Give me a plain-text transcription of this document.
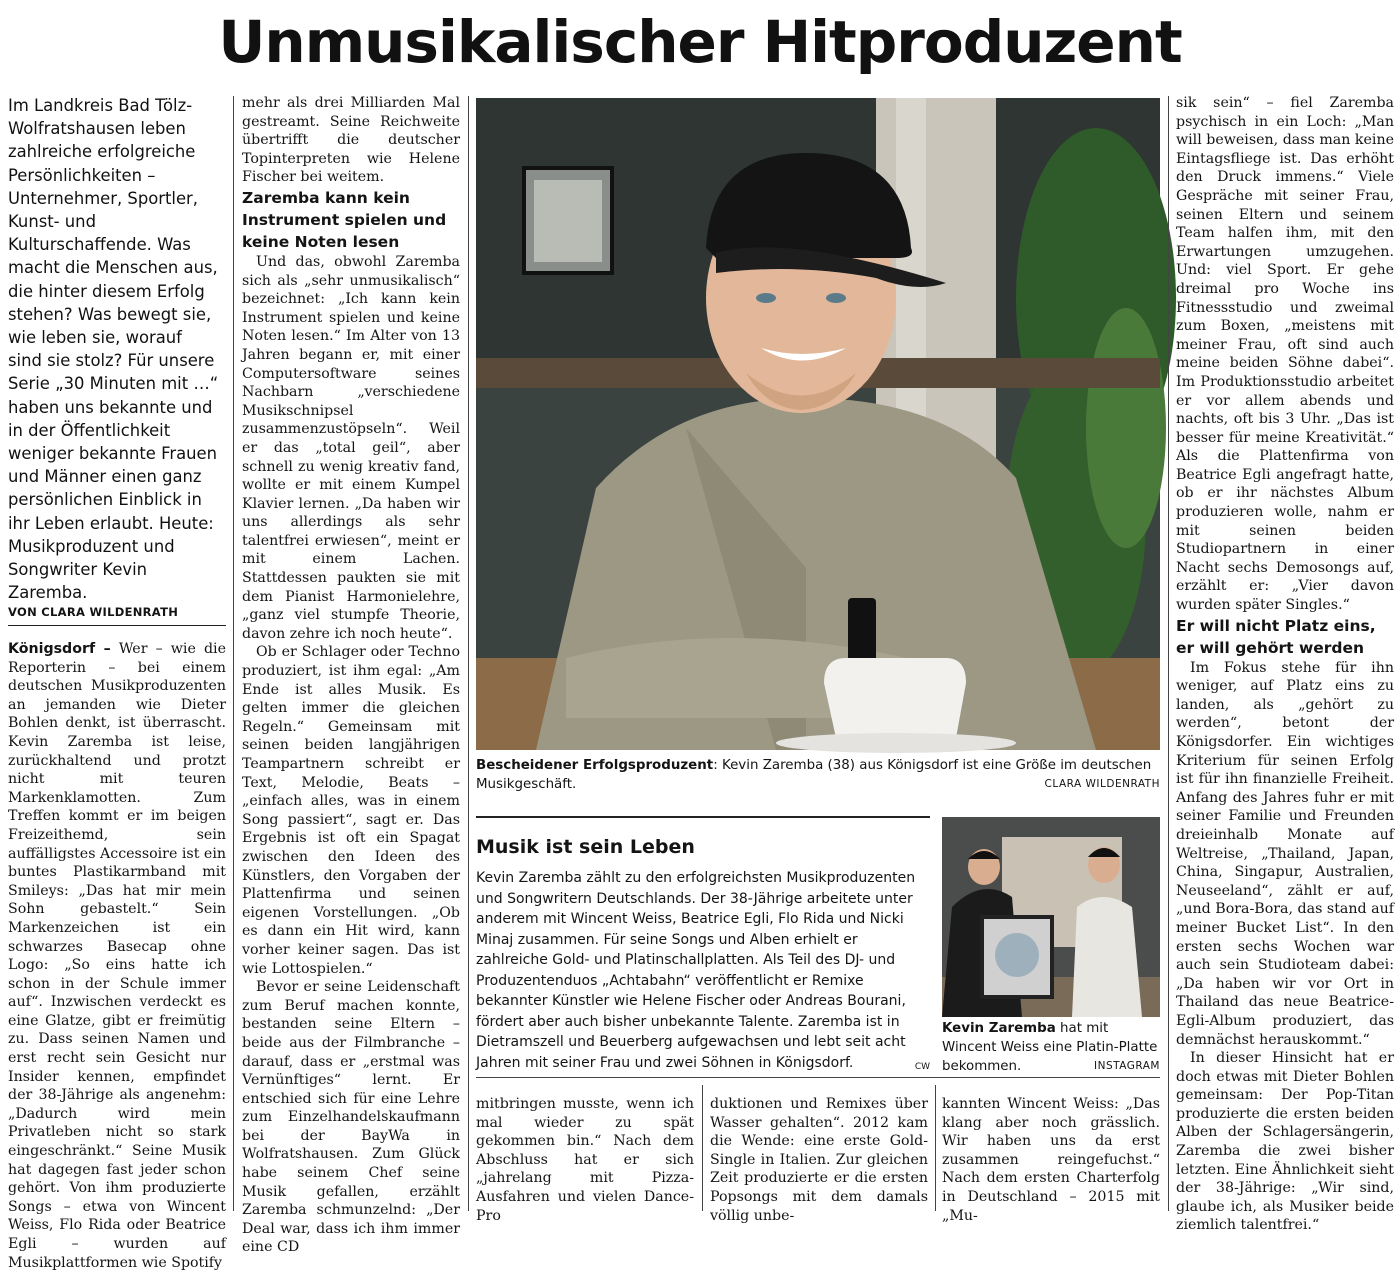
Unmusikalischer Hitproduzent
Im Landkreis Bad Tölz-Wolfratshausen leben zahlreiche erfolgreiche Persönlichkeiten – Unternehmer, Sportler, Kunst- und Kulturschaffende. Was macht die Menschen aus, die hinter diesem Erfolg stehen? Was bewegt sie, wie leben sie, worauf sind sie stolz? Für unsere Serie „30 Minuten mit …“ haben uns bekannte und in der Öffentlichkeit weniger bekannte Frauen und Männer einen ganz persönlichen Einblick in ihr Leben erlaubt. Heute: Musikproduzent und Songwriter Kevin Zaremba.
VON CLARA WILDENRATH

Königsdorf – Wer – wie die Reporterin – bei einem deutschen Musikproduzenten an jemanden wie Dieter Bohlen denkt, ist überrascht. Kevin Zaremba ist leise, zurückhaltend und protzt nicht mit teuren Markenklamotten. Zum Treffen kommt er im beigen Freizeithemd, sein auffälligstes Accessoire ist ein buntes Plastikarmband mit Smileys: „Das hat mir mein Sohn gebastelt.“ Sein Markenzeichen ist ein schwarzes Basecap ohne Logo: „So eins hatte ich schon in der Schule immer auf“. Inzwischen verdeckt es eine Glatze, gibt er freimütig zu. Dass seinen Namen und erst recht sein Gesicht nur Insider kennen, empfindet der 38-Jährige als angenehm: „Dadurch wird mein Privatleben nicht so stark eingeschränkt.“ Seine Musik hat dagegen fast jeder schon gehört. Von ihm produzierte Songs – etwa von Wincent Weiss, Flo Rida oder Beatrice Egli – wurden auf Musikplattformen wie Spotify

mehr als drei Milliarden Mal gestreamt. Seine Reichweite übertrifft die deutscher Topinterpreten wie Helene Fischer bei weitem.

Zaremba kann kein Instrument spielen und keine Noten lesen

Und das, obwohl Zaremba sich als „sehr unmusikalisch“ bezeichnet: „Ich kann kein Instrument spielen und keine Noten lesen.“ Im Alter von 13 Jahren begann er, mit einer Computersoftware seines Nachbarn „verschiedene Musikschnipsel zusammenzustöpseln“. Weil er das „total geil“, aber schnell zu wenig kreativ fand, wollte er mit einem Kumpel Klavier lernen. „Da haben wir uns allerdings als sehr talentfrei erwiesen“, meint er mit einem Lachen. Stattdessen paukten sie mit dem Pianist Harmonielehre, „ganz viel stumpfe Theorie, davon zehre ich noch heute“.

Ob er Schlager oder Techno produziert, ist ihm egal: „Am Ende ist alles Musik. Es gelten immer die gleichen Regeln.“ Gemeinsam mit seinen beiden langjährigen Teampartnern schreibt er Text, Melodie, Beats – „einfach alles, was in einem Song passiert“, sagt er. Das Ergebnis ist oft ein Spagat zwischen den Ideen des Künstlers, den Vorgaben der Plattenfirma und seinen eigenen Vorstellungen. „Ob es dann ein Hit wird, kann vorher keiner sagen. Das ist wie Lottospielen.“

Bevor er seine Leidenschaft zum Beruf machen konnte, bestanden seine Eltern – beide aus der Filmbranche – darauf, dass er „erstmal was Vernünftiges“ lernt. Er entschied sich für eine Lehre zum Einzelhandelskaufmann bei der BayWa in Wolfratshausen. Zum Glück habe seinem Chef seine Musik gefallen, erzählt Zaremba schmunzelnd: „Der Deal war, dass ich ihm immer eine CD

Bescheidener Erfolgsproduzent: Kevin Zaremba (38) aus Königsdorf ist eine Größe im deutschen Musikgeschäft.	CLARA WILDENRATH
Musik ist sein Leben
Kevin Zaremba zählt zu den erfolgreichsten Musikproduzenten und Songwritern Deutschlands. Der 38-Jährige arbeitete unter anderem mit Wincent Weiss, Beatrice Egli, Flo Rida und Nicki Minaj zusammen. Für seine Songs und Alben erhielt er zahlreiche Gold- und Platinschallplatten. Als Teil des DJ- und Produzentenduos „Achtabahn“ veröffentlicht er Remixe bekannter Künstler wie Helene Fischer oder Andreas Bourani, fördert aber auch bisher unbekannte Talente. Zaremba ist in Dietramszell und Beuerberg aufgewachsen und lebt seit acht Jahren mit seiner Frau und zwei Söhnen in Königsdorf.	CW
Kevin Zaremba hat mit Wincent Weiss eine Platin-Platte bekommen.	INSTAGRAM

mitbringen musste, wenn ich mal wieder zu spät gekommen bin.“ Nach dem Abschluss hat er sich „jahrelang mit Pizza-Ausfahren und vielen Dance-Pro

duktionen und Remixes über Wasser gehalten“. 2012 kam die Wende: eine erste Gold-Single in Italien. Zur gleichen Zeit produzierte er die ersten Popsongs mit dem damals völlig unbe-

kannten Wincent Weiss: „Das klang aber noch grässlich. Wir haben uns da erst zusammen reingefuchst.“ Nach dem ersten Charterfolg in Deutschland – 2015 mit „Mu-

sik sein“ – fiel Zaremba psychisch in ein Loch: „Man will beweisen, dass man keine Eintagsfliege ist. Das erhöht den Druck immens.“ Viele Gespräche mit seiner Frau, seinen Eltern und seinem Team halfen ihm, mit den Erwartungen umzugehen. Und: viel Sport. Er gehe dreimal pro Woche ins Fitnessstudio und zweimal zum Boxen, „meistens mit meiner Frau, oft sind auch meine beiden Söhne dabei“. Im Produktionsstudio arbeitet er vor allem abends und nachts, oft bis 3 Uhr. „Das ist besser für meine Kreativität.“ Als die Plattenfirma von Beatrice Egli angefragt hatte, ob er ihr nächstes Album produzieren wolle, nahm er mit seinen beiden Studiopartnern in einer Nacht sechs Demosongs auf, erzählt er: „Vier davon wurden später Singles.“

Er will nicht Platz eins, er will gehört werden

Im Fokus stehe für ihn weniger, auf Platz eins zu landen, als „gehört zu werden“, betont der Königsdorfer. Ein wichtiges Kriterium für seinen Erfolg ist für ihn finanzielle Freiheit. Anfang des Jahres fuhr er mit seiner Familie und Freunden dreieinhalb Monate auf Weltreise, „Thailand, Japan, China, Singapur, Australien, Neuseeland“, zählt er auf, „und Bora-Bora, das stand auf meiner Bucket List“. In den ersten sechs Wochen war auch sein Studioteam dabei: „Da haben wir vor Ort in Thailand das neue Beatrice-Egli-Album produziert, das demnächst herauskommt.“

In dieser Hinsicht hat er doch etwas mit Dieter Bohlen gemeinsam: Der Pop-Titan produzierte die ersten beiden Alben der Schlagersängerin, Zaremba die zwei bisher letzten. Eine Ähnlichkeit sieht der 38-Jährige: „Wir sind, glaube ich, als Musiker beide ziemlich talentfrei.“
